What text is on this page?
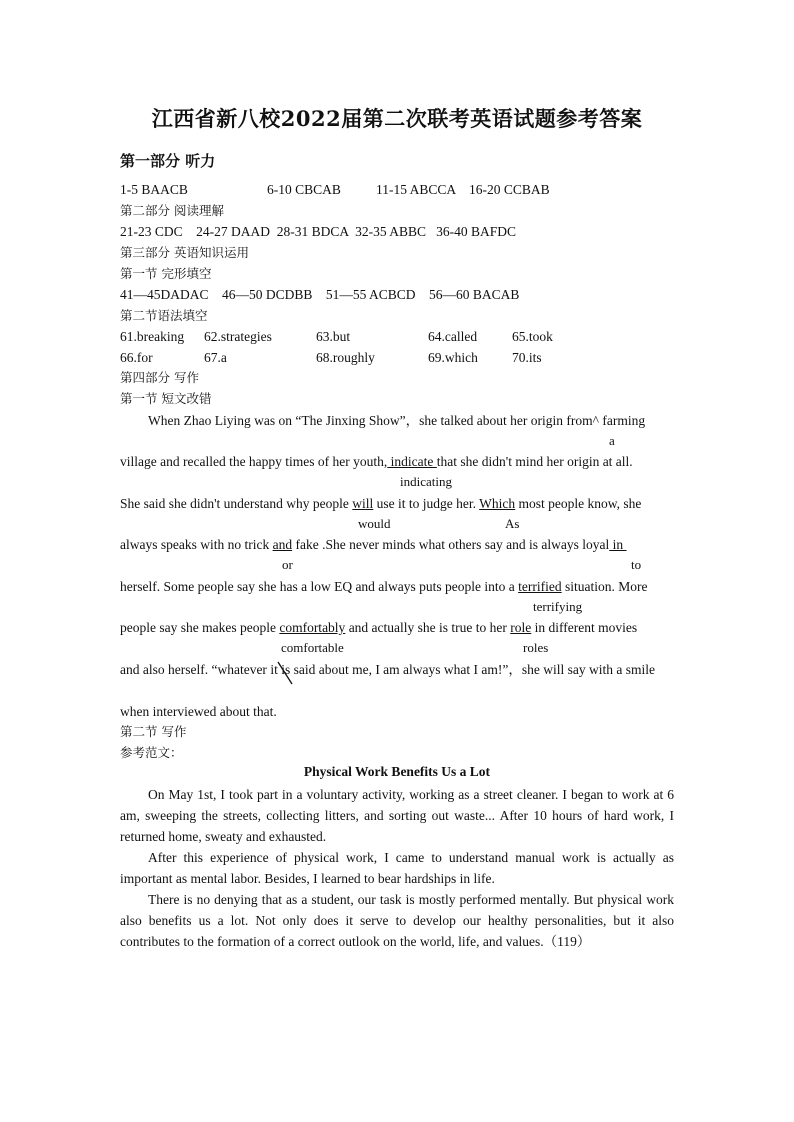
江西省新八校2022届第二次联考英语试题参考答案
第一部分 听力
1-5 BAACB	6-10 CBCAB	11-15 ABCCA 16-20 CCBAB
第二部分 阅读理解
21-23 CDC    24-27 DAAD  28-31 BDCA  32-35 ABBC   36-40 BAFDC
第三部分 英语知识运用
第一节 完形填空
41—45DADAC    46—50 DCDBB    51—55 ACBCD    56—60 BACAB
第二节语法填空
61.breaking 62.strategies	63.but	64.called	65.took
66.for	67.a	68.roughly	69.which	70.its
第四部分 写作
第一节 短文改错
When Zhao Liying was on “The Jinxing Show”，she talked about her origin from^ farming
a
village and recalled the happy times of her youth, indicate that she didn't mind her origin at all.
indicating
She said she didn't understand why people will use it to judge her. Which most people know, she
would	As
always speaks with no trick and fake .She never minds what others say and is always loyal in
or	to
herself. Some people say she has a low EQ and always puts people into a terrified situation. More
terrifying
people say she makes people comfortably and actually she is true to her role in different movies
comfortable	roles
and also herself. “whatever it is said about me, I am always what I am!”，she will say with a smile
when interviewed about that.
第二节 写作
参考范文：
Physical Work Benefits Us a Lot

On May 1st, I took part in a voluntary activity, working as a street cleaner. I began to work at 6 am, sweeping the streets, collecting litters, and sorting out waste... After 10 hours of hard work, I returned home, sweaty and exhausted.

After this experience of physical work, I came to understand manual work is actually as important as mental labor. Besides, I learned to bear hardships in life.

There is no denying that as a student, our task is mostly performed mentally. But physical work also benefits us a lot. Not only does it serve to develop our healthy personalities, but it also contributes to the formation of a correct outlook on the world, life, and values.（119）
